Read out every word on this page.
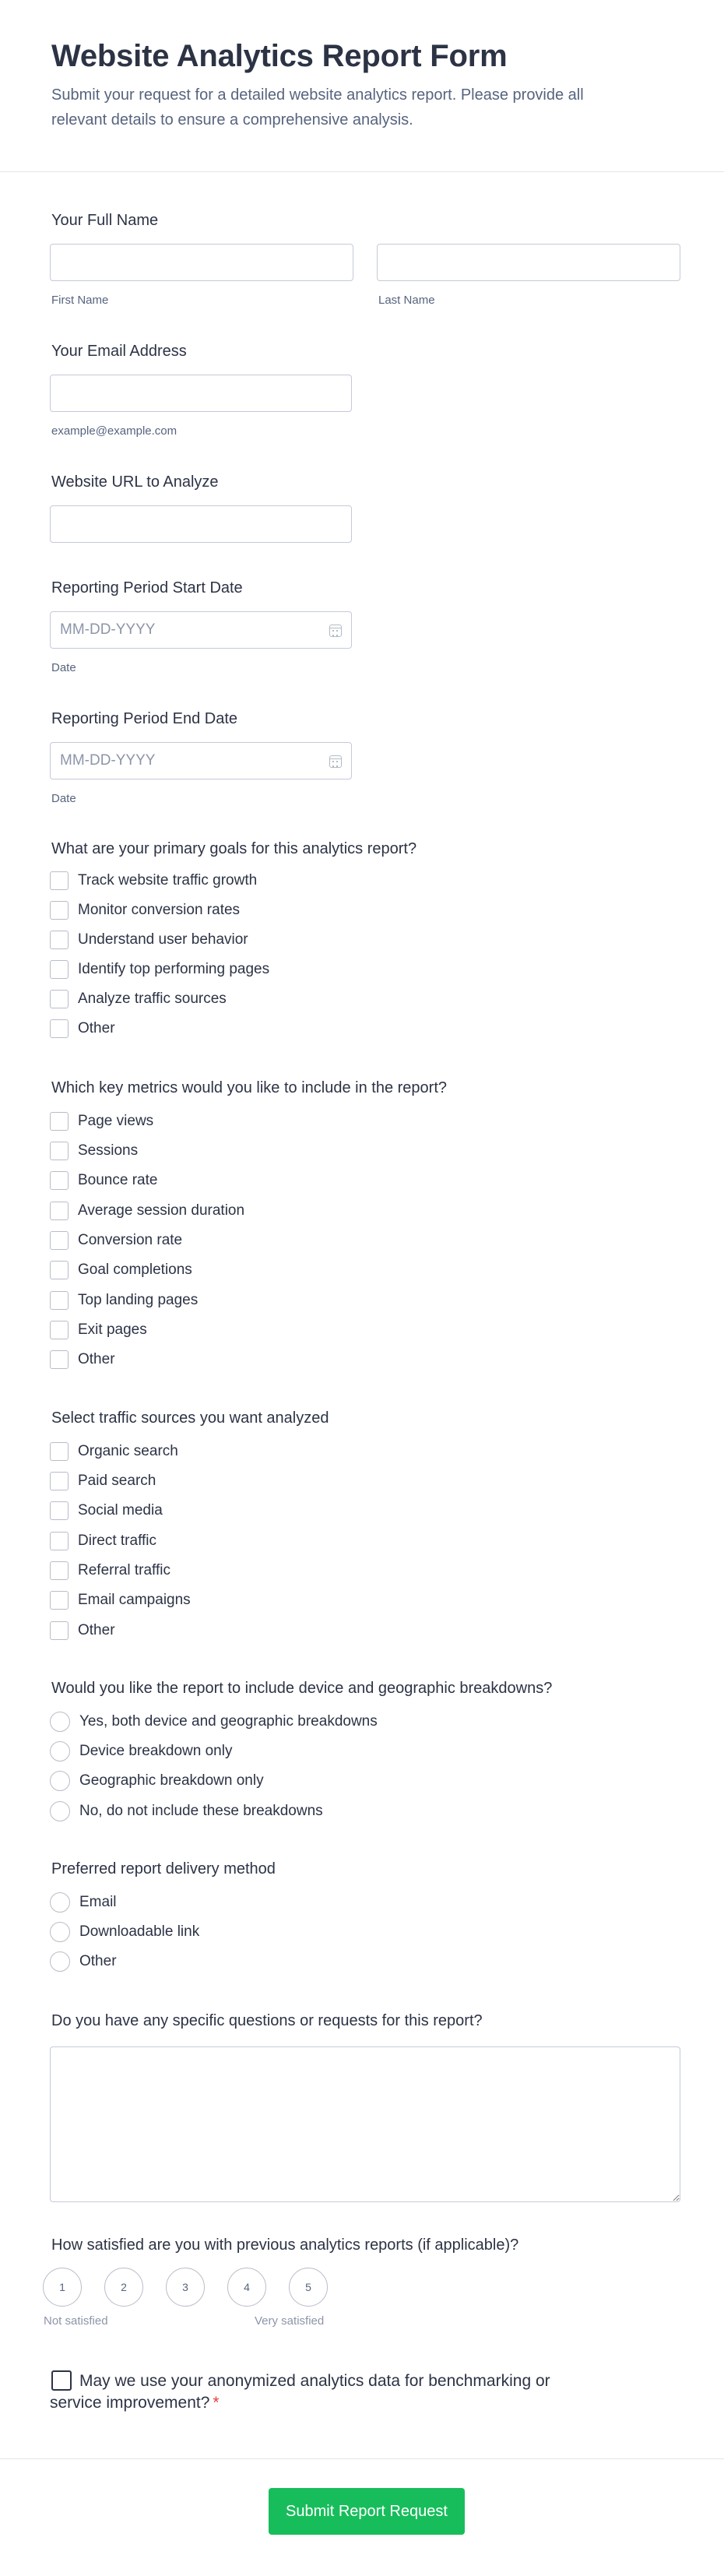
Website Analytics Report Form

Submit your request for a detailed website analytics report. Please provide all relevant details to ensure a comprehensive analysis.

Your Full Name
First Name	Last Name
Your Email Address
example@example.com
Website URL to Analyze
Reporting Period Start Date
MM-DD-YYYY
Date
Reporting Period End Date
MM-DD-YYYY
Date
What are your primary goals for this analytics report?
Track website traffic growth
Monitor conversion rates
Understand user behavior
Identify top performing pages
Analyze traffic sources
Other
Which key metrics would you like to include in the report?
Page views
Sessions
Bounce rate
Average session duration
Conversion rate
Goal completions
Top landing pages
Exit pages
Other
Select traffic sources you want analyzed
Organic search
Paid search
Social media
Direct traffic
Referral traffic
Email campaigns
Other
Would you like the report to include device and geographic breakdowns?
Yes, both device and geographic breakdowns
Device breakdown only
Geographic breakdown only
No, do not include these breakdowns
Preferred report delivery method
Email
Downloadable link
Other
Do you have any specific questions or requests for this report?
How satisfied are you with previous analytics reports (if applicable)?
1	2	3	4	5
Not satisfied	Very satisfied
May we use your anonymized analytics data for benchmarking or service improvement? *
Submit Report Request
